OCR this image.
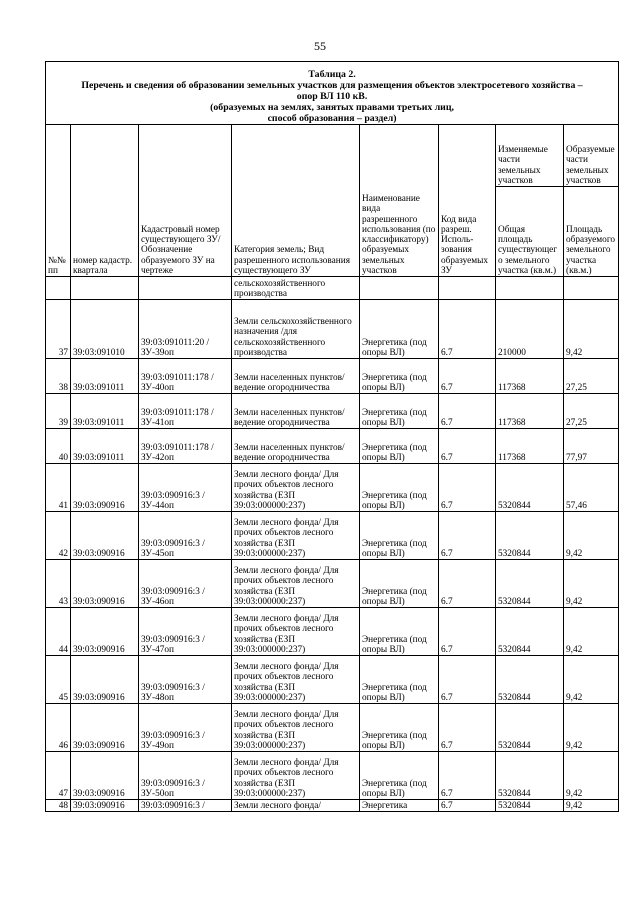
55
Таблица 2.
Перечень и сведения об образовании земельных участков для размещения объектов электросетевого хозяйства –
опор ВЛ 110 кВ.
(образуемых на землях, занятых правами третьих лиц,
способ образования – раздел)							

№№ пп	номер кадастр. квартала	Кадастровый номер существующего ЗУ/ Обозначение образуемого ЗУ на чертеже	Категория земель; Вид разрешенного использования существующего ЗУ	Наименование вида разрешенного использования (по классификатору) образуемых земельных участков	Код вида разреш. Исполь-зования образуемых ЗУ	Изменяемые части земельных участков	Образуемые части земельных участков
						Общая площадь существующего земельного участка (кв.м.)	Площадь образуемого земельного участка (кв.м.)
			сельскохозяйственного производства				
37	39:03:091010	39:03:091011:20 / ЗУ-39оп	Земли сельскохозяйственного назначения /для сельскохозяйственного производства	Энергетика (под опоры ВЛ)	6.7	210000	9,42
38	39:03:091011	39:03:091011:178 / ЗУ-40оп	Земли населенных пунктов/ ведение огородничества	Энергетика (под опоры ВЛ)	6.7	117368	27,25
39	39:03:091011	39:03:091011:178 / ЗУ-41оп	Земли населенных пунктов/ ведение огородничества	Энергетика (под опоры ВЛ)	6.7	117368	27,25
40	39:03:091011	39:03:091011:178 / ЗУ-42оп	Земли населенных пунктов/ ведение огородничества	Энергетика (под опоры ВЛ)	6.7	117368	77,97
41	39:03:090916	39:03:090916:3 / ЗУ-44оп	Земли лесного фонда/ Для прочих объектов лесного хозяйства (ЕЗП 39:03:000000:237)	Энергетика (под опоры ВЛ)	6.7	5320844	57,46
42	39:03:090916	39:03:090916:3 / ЗУ-45оп	Земли лесного фонда/ Для прочих объектов лесного хозяйства (ЕЗП 39:03:000000:237)	Энергетика (под опоры ВЛ)	6.7	5320844	9,42
43	39:03:090916	39:03:090916:3 / ЗУ-46оп	Земли лесного фонда/ Для прочих объектов лесного хозяйства (ЕЗП 39:03:000000:237)	Энергетика (под опоры ВЛ)	6.7	5320844	9,42
44	39:03:090916	39:03:090916:3 / ЗУ-47оп	Земли лесного фонда/ Для прочих объектов лесного хозяйства (ЕЗП 39:03:000000:237)	Энергетика (под опоры ВЛ)	6.7	5320844	9,42
45	39:03:090916	39:03:090916:3 / ЗУ-48оп	Земли лесного фонда/ Для прочих объектов лесного хозяйства (ЕЗП 39:03:000000:237)	Энергетика (под опоры ВЛ)	6.7	5320844	9,42
46	39:03:090916	39:03:090916:3 / ЗУ-49оп	Земли лесного фонда/ Для прочих объектов лесного хозяйства (ЕЗП 39:03:000000:237)	Энергетика (под опоры ВЛ)	6.7	5320844	9,42
47	39:03:090916	39:03:090916:3 / ЗУ-50оп	Земли лесного фонда/ Для прочих объектов лесного хозяйства (ЕЗП 39:03:000000:237)	Энергетика (под опоры ВЛ)	6.7	5320844	9,42
48	39:03:090916	39:03:090916:3 /	Земли лесного фонда/	Энергетика	6.7	5320844	9,42
